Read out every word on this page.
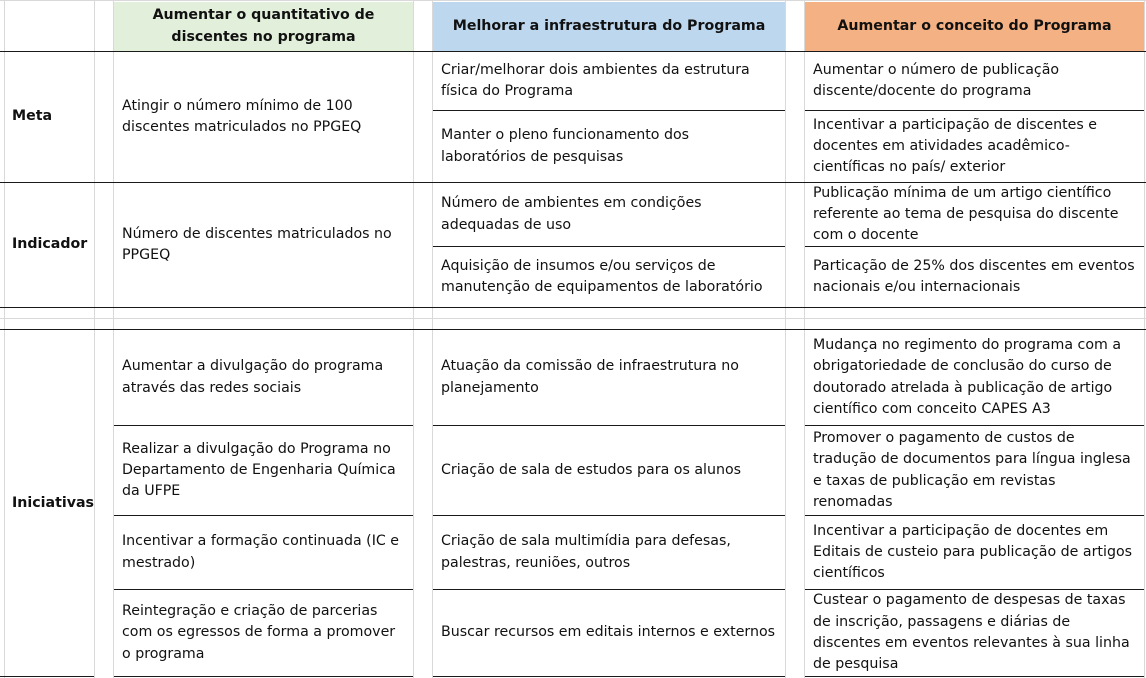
Aumentar o quantitativo de discentes no programa
Melhorar a infraestrutura do Programa	Aumentar o conceito do Programa
Meta
Indicador
Iniciativas
Atingir o número mínimo de 100 discentes matriculados no PPGEQ
Criar/melhorar dois ambientes da estrutura física do Programa
Manter o pleno funcionamento dos laboratórios de pesquisas
Aumentar o número de publicação discente/docente do programa
Incentivar a participação de discentes e docentes em atividades acadêmico-científicas no país/ exterior
Número de discentes matriculados no PPGEQ
Número de ambientes em condições adequadas de uso
Aquisição de insumos e/ou serviços de manutenção de equipamentos de laboratório
Publicação mínima de um artigo científico referente ao tema de pesquisa do discente com o docente
Particação de 25% dos discentes em eventos nacionais e/ou internacionais
Aumentar a divulgação do programa através das redes sociais
Realizar a divulgação do Programa no Departamento de Engenharia Química da UFPE
Incentivar a formação continuada (IC e mestrado)
Reintegração e criação de parcerias com os egressos de forma a promover o programa
Atuação da comissão de infraestrutura no planejamento
Criação de sala de estudos para os alunos
Criação de sala multimídia para defesas, palestras, reuniões, outros
Buscar recursos em editais internos e externos
Mudança no regimento do programa com a obrigatoriedade de conclusão do curso de doutorado atrelada à publicação de artigo científico com conceito CAPES A3
Promover o pagamento de custos de tradução de documentos para língua inglesa e taxas de publicação em revistas renomadas
Incentivar a participação de docentes em Editais de custeio para publicação de artigos científicos
Custear o pagamento de despesas de taxas de inscrição, passagens e diárias de discentes em eventos relevantes à sua linha de pesquisa
